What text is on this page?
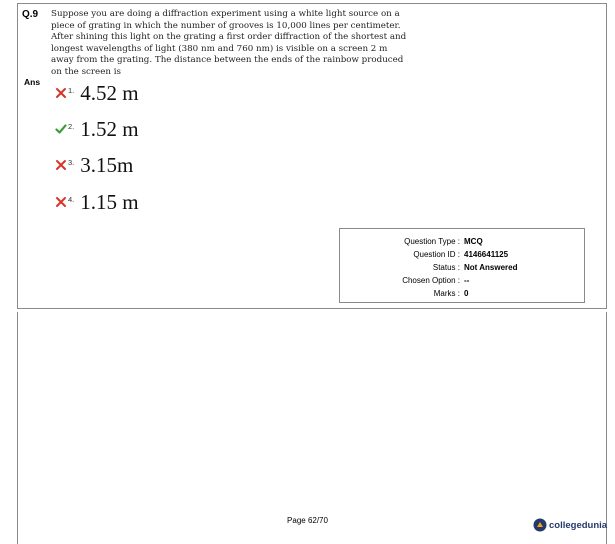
Q.9 Suppose you are doing a diffraction experiment using a white light source on a piece of grating in which the number of grooves is 10,000 lines per centimeter. After shining this light on the grating a first order diffraction of the shortest and longest wavelengths of light (380 nm and 760 nm) is visible on a screen 2 m away from the grating. The distance between the ends of the rainbow produced on the screen is

Ans
1. 4.52 m
2. 1.52 m
3. 3.15m
4. 1.15 m
Question Type : MCQ
Question ID : 4146641125
Status : Not Answered
Chosen Option : --
Marks : 0
Page 62/70	collegedunia
